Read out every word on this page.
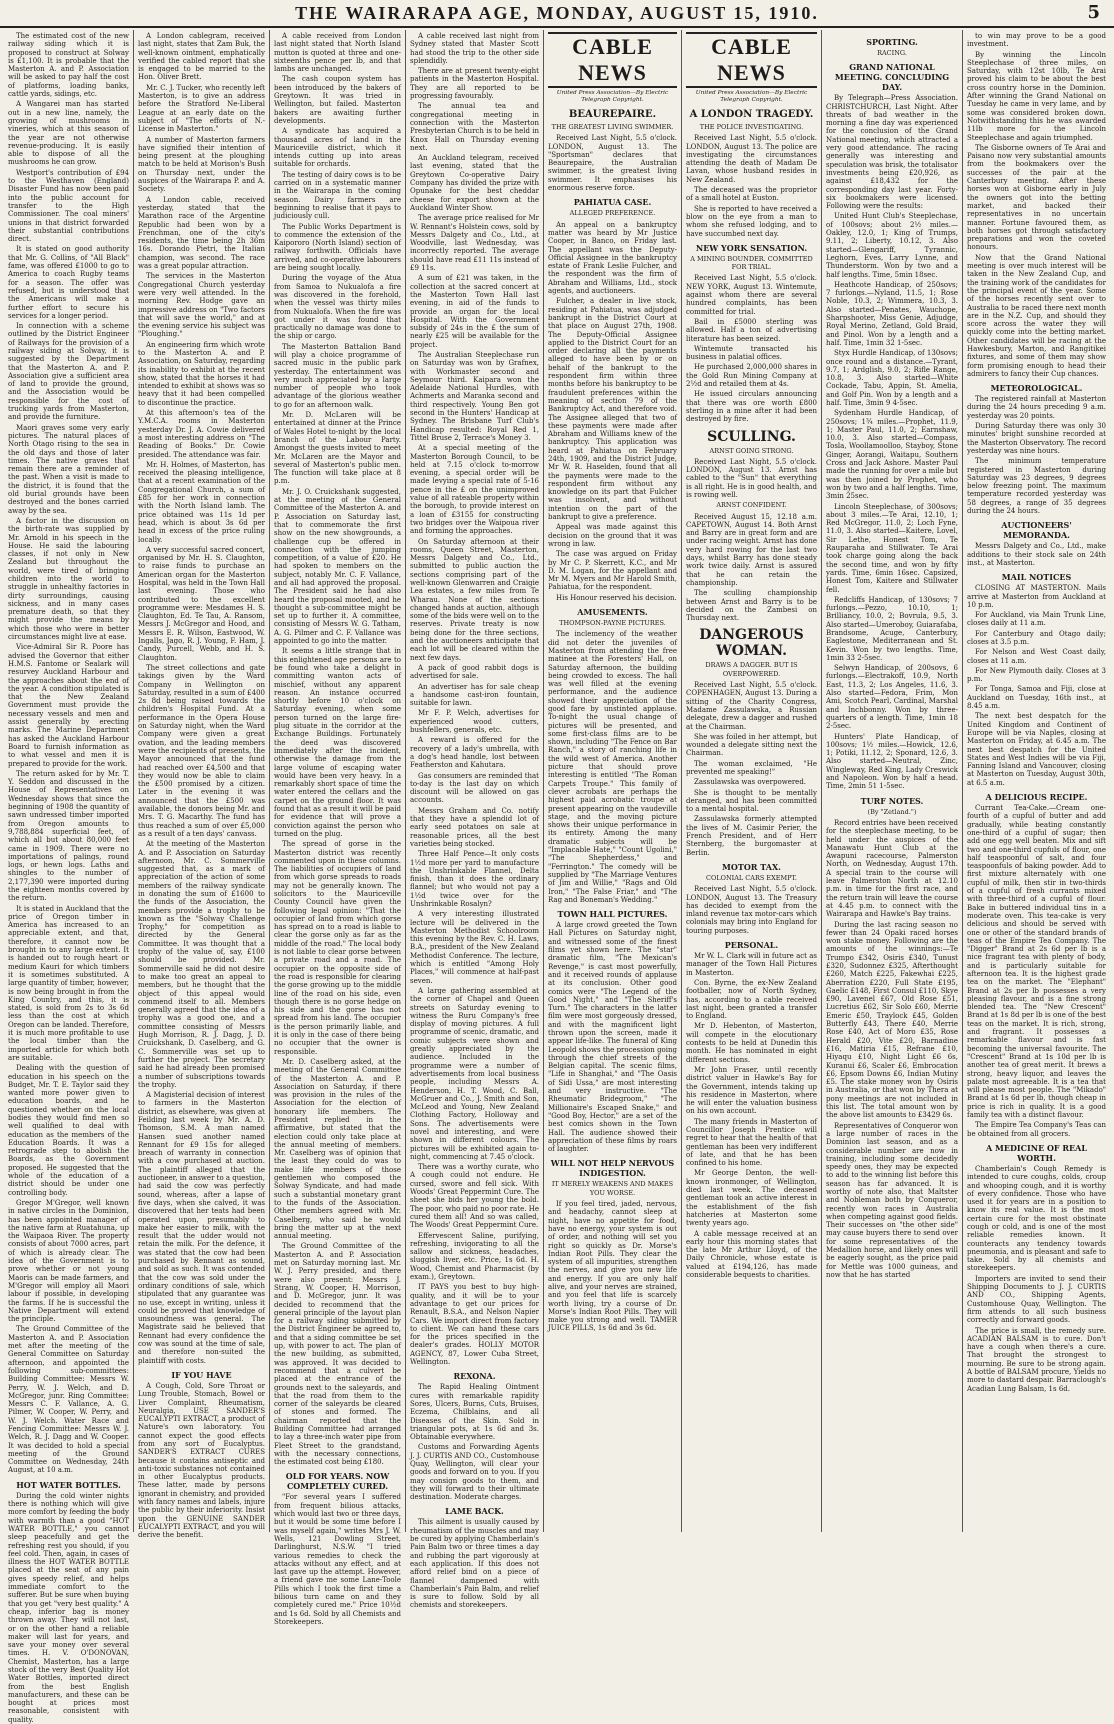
THE WAIRARAPA AGE, MONDAY, AUGUST 15, 1910.	5

The estimated cost of the new railway siding which it is proposed to construct at Solway is £1,100. It is probable that the Masterton A. and P. Association will be asked to pay half the cost of platforms, loading banks, cattle yards, sidings, etc.

A Wangarei man has started out in a new line, namely, the growing of mushrooms in vineries, which at this season of the year are not otherwise revenue-producing. It is easily able to dispose of all the mushrooms he can grow.

Westport's contribution of £94 to the Westhaven (England) Disaster Fund has now been paid into the public account for transfer to the High Commissioner. The coal miners' unions in that district forwarded their substantial contributions direct.

It is stated on good authority that Mr. G. Collins, of "All Black" fame, was offered £1000 to go to America to coach Rugby teams for a season. The offer was refused, but is understood that the Americans will make a further effort to secure his services for a longer period.

In connection with a scheme outlined by the District Engineer of Railways for the provision of a railway siding at Solway, it is suggested by the Department that the Masterton A. and P. Association give a sufficient area of land to provide the ground, and the Association would be responsible for the cost of trucking yards from Masterton, and provide the furniture.

Maori graves some very early pictures. The natural places of North Otago rising to the sea in the old days and those of later times. The native graves that remain there are a reminder of the past. When a visit is made to the district, it is found that the old burial grounds have been destroyed and the bones carried away by the sea.

A factor in the discussion on the birth-rate was supplied by Mr. Arnold in his speech in the House. He said the labouring classes, if not only in New Zealand but throughout the world, were tired of bringing children into the world to struggle in unhealthy factories in dirty surroundings, causing sickness, and in many cases premature death, so that they might provide the means by which those who were in better circumstances might live at ease.

Vice-Admiral Sir R. Poore has advised the Governor that either H.M.S. Fantome or Sealark will resurvey Auckland Harbour and the approaches about the end of the year. A condition stipulated is that the New Zealand Government must provide the necessary vessels and men and assist generally by erecting marks. The Marine Department has asked the Auckland Harbour Board to furnish information as to what vessel and men it is prepared to provide for the work.

The return asked for by Mr. T. Y. Seddon and discussed in the House of Representatives on Wednesday shows that since the beginning of 1908 the quantity of sawn undressed timber imported from Oregon amounts to 9,788,884 superficial feet, of which all but about 80,000 feet came in 1909. There were no importations of palings, round logs, or hewn logs. Laths and shingles to the number of 2,177,390 were imported during the eighteen months covered by the return.

It is stated in Auckland that the price of Oregon timber in America has increased to an appreciable extent, and that, therefore, it cannot now be brought in to any large extent. It is handed out to rough heart or medium Kauri for which timbers it is sometimes substituted. A large quantity of timber, however, is now being brought in from the King Country, and this, it is stated, is sold from 2s to 3s 6d less than the cost at which Oregon can be landed. Therefore, it is much more profitable to use the local timber than the imported article for which both are suitable.

Dealing with the question of education in his speech on the Budget, Mr. T. E. Taylor said they wanted more power given to education boards, and he questioned whether on the local bodies they would find men so well qualified to deal with education as the members of the Education Boards. It was a retrograde step to abolish the Boards, as the Government proposed. He suggested that the whole of the education of a district should be under one controlling body.

Gregor M'Gregor, well known in native circles in the Dominion, has been appointed manager of the native farm at Ruatahuna, up the Waipaoa River. The property consists of about 7000 acres, part of which is already clear. The idea of the Government is to prove whether or not young Maoris can be made farmers, and M'Gregor will employ all Maori labour if possible, in developing the farms. If he is successful the Native Department will extend the principle.

The Ground Committee of the Masterton A. and P. Association met after the meeting of the General Committee on Saturday afternoon, and appointed the following sub-committees: Building Committee: Messrs W. Perry, W. J. Welch, and D. McGregor, junr. Ring Committee: Messrs C. F. Vallance, A. G. Pilmer, W. Cooper, W. Perry, and W. J. Welch. Water Race and Fencing Committee: Messrs W. J. Welch, R. J. Dagg and W. Cooper. It was decided to hold a special meeting of the Ground Committee on Wednesday, 24th August, at 10 a.m.

HOT WATER BOTTLES.

During the cold winter nights there is nothing which will give more comfort by feeding the body with warmth than a good "HOT WATER BOTTLE," you cannot sleep peacefully and get the refreshing rest you should, if you feel cold. Then, again, in cases of illness the HOT WATER BOTTLE placed at the seat of any pain gives speedy relief, and helps immediate comfort to the sufferer. But be sure when buying that you get "very best quality." A cheap, inferior bag is money thrown away. They will not last, or on the other hand a reliable maker will last for years, and save your money over several times. H. V. O'DONOVAN, Chemist, Masterton, has a large stock of the very Best Quality Hot Water Bottles, imported direct from the best English manufacturers, and these can be bought at prices most reasonable, consistent with quality.

A London cablegram, received last night, states that Zam Buk, the well-known ointment, emphatically verified the cabled report that she is engaged to be married to the Hon. Oliver Brett.

Mr. C. J. Tucker, who recently left Masterton, is to give an address before the Stratford Ne-Liberal League at an early date on the subject of "The efforts of N.-License in Masterton."

A number of Masterton farmers have signified their intention of being present at the ploughing match to be held at Morison's Bush on Thursday next, under the auspices of the Wairarapa P. and A. Society.

A London cable, received yesterday, stated that the Marathon race of the Argentine Republic had been won by a Frenchman, one of the city's residents, the time being 2h 36m 16s. Dorando Pietri, the Italian champion, was second. The race was a great popular attraction.

The services in the Masterton Congregational Church yesterday were very well attended. In the morning Rev. Hodge gave an impressive address on "Two factors that will save the world," and at the evening service his subject was "Ploughing."

An engineering firm which wrote to the Masterton A. and P. Association, on Saturday, regarding its inability to exhibit at the recent show, stated that the horses it had intended to exhibit at shows was so heavy that it had been compelled to discontinue the practice.

At this afternoon's tea of the Y.M.C.A. rooms in Masterton yesterday Dr. J. A. Cowie delivered a most interesting address on "The Reading of Books." Dr. Cowie presided. The attendance was fair.

Mr. H. Holmes, of Masterton, has received the pleasing intelligence, that at a recent examination of the Congregational Church, a sum of £85 for her work in connection with the North Island lamb. The price obtained was 11s 1d per head, which is about 3s 6d per head in excess of the price ruling locally.

A very successful sacred concert, organised by Mr. H. S. Claughton, to raise funds to purchase an American organ for the Masterton Hospital, was held in the Town Hall last evening. Those who contributed to the excellent programme were: Mesdames H. S. Claughton, Ed. Te Tau, A. Ransom, Messrs J. McGregor and Hood, and Messrs E. R. Wilson, Eastwood, W. Ingalls, Jago, R. J. Young, F. Ham, J. Candy, Purcell, Webb, and H. S. Claughton.

The street collections and gate takings given by the Ward Company in Wellington on Saturday, resulted in a sum of £400 2s 8d being raised towards the children's Hospital Fund. At a performance in the Opera House on Saturday night, when the Ward Company were given a great ovation, and the leading members were the recipients of presents, the Mayor announced that the fund had reached over £4,500 and that they would now be able to claim the £500 promised by a citizen. Later in the evening it was announced that the £500 was available, the donors being Mr. and Mrs. T. G. Macarthy. The fund has thus reached a sum of over £5,000 as a result of a ten days' canvass.

At the meeting of the Masterton A. and P. Association on Saturday afternoon, Mr. C. Sommerville suggested that, as a mark of appreciation of the action of some members of the railway syndicate in donating the sum of £1600 to the funds of the Association, the members provide a trophy to be known as the "Solway Challenge Trophy," for competition as directed by the General Committee. It was thought that a trophy of the value of, say, £100 should be provided. Mr. Sommerville said he did not desire to make too great an appeal to members, but he thought that the object of this appeal would commend itself to all. Members generally agreed that the idea of a trophy was a good one, and a committee consisting of Messrs Hugh Morrison, R. J. Dagg, J. D. Cruickshank, D. Caselberg, and G. C. Sommerville was set up to further the project. The secretary said he had already been promised a number of subscriptions towards the trophy.

A Magisterial decision of interest to farmers in the Masterton district, as elsewhere, was given at Feilding last week by Mr. A. D. Thomson, S.M. A man named Hansen sued another named Rennant for £9 15s for alleged breach of warranty in connection with a cow purchased at auction. The plaintiff alleged that the auctioneer, in answer to a question, had said the cow was perfectly sound, whereas, after a lapse of five days, when she calved, it was discovered that her teats had been operated upon, presumably to make her easier to milk, with the result that the udder would not retain the milk. For the defence, it was stated that the cow had been purchased by Rennant as sound, and sold as such. It was contended that the cow was sold under the ordinary conditions of sale, which stipulated that any guarantee was no use, except in writing, unless it could be proved that knowledge of unsoundness was general. The Magistrate said he believed that Rennant had every confidence the cow was sound at the time of sale, and therefore non-suited the plaintiff with costs.

IF YOU HAVE

A Cough, Cold, Sore Throat or Lung Trouble, Stomach, Bowel or Liver Complaint, Rheumatism, Neuralgia, USE SANDER'S EUCALYPTI EXTRACT, a product of Nature's own laboratory. You cannot expect the good effects from any sort of Eucalyptus. SANDER'S EXTRACT CURES because it contains antiseptic and anti-toxic substances not contained in other Eucalyptus products. These latter, made by persons ignorant in chemistry, and provided with fancy names and labels, injure the public by their inferiority. Insist upon the GENUINE SANDER EUCALYPTI EXTRACT, and you will derive the benefit.

A cable received from London last night stated that North Island mutton is quoted at three and one-sixteenths pence per lb, and that lambs are unchanged.

The cash coupon system has been introduced by the bakers of Greytown. It was tried in Wellington, but failed. Masterton bakers are awaiting further developments.

A syndicate has acquired a thousand acres of land in the Mauriceville district, which it intends cutting up into areas suitable for orchards.

The testing of dairy cows is to be carried on in a systematic manner in the Wairarapa in the coming season. Dairy farmers are beginning to realise that it pays to judiciously cull.

The Public Works Department is to commence the extension of the Kaipororo (North Island) section of railway forthwith. Officials have arrived, and co-operative labourers are being sought locally.

During the voyage of the Atua from Samoa to Nukualofa a fire was discovered in the forehold, when the vessel was thirty miles from Nukualofa. When the fire was got under it was found that practically no damage was done to the ship or cargo.

The Masterton Battalion Band will play a choice programme of sacred music in the public park yesterday. The entertainment was very much appreciated by a large number of people who took advantage of the glorious weather to go for an afternoon walk.

Mr. D. McLaren will be entertained at dinner at the Prince of Wales Hotel to-night by the local branch of the Labour Party. Amongst the guests invited to meet Mr. McLaren are the Mayor and several of Masterton's public men. The function will take place at 8 p.m.

Mr. J. O. Cruickshank suggested, at the meeting of the General Committee of the Masterton A. and P. Association on Saturday last, that to commemorate the first show on the new showgrounds, a challenge cup be offered in connection with the jumping competition, of a value of £20. He had spoken to members on the subject, notably Mr. C. F. Vallance, and all had approved the proposal. The President said he had also heard the proposal mooted, and he thought a sub-committee might be set up to further it. A committee, consisting of Messrs W. G. Tatham, A. G. Pilmer and C. F. Vallance was appointed to go into the matter.

It seems a little strange that in this enlightened age persons are to be found who take a delight in committing wanton acts of mischief, without any apparent reason. An instance occurred shortly before 10 o'clock on Saturday evening, when some person turned on the large fire-plug situate in the corridor at the Exchange Buildings. Fortunately the deed was discovered immediately after the incident, otherwise the damage from the large volume of escaping water would have been very heavy. In a remarkably short space of time the water entered the cellars and the carpet on the ground floor. It was found that as a result it will be paid for evidence that will prove a conviction against the person who turned on the plug.

The spread of gorse in the Masterton district was recently commented upon in these columns. The liabilities of occupiers of land from which gorse spreads to roads may not be generally known. The solicitors to the Mauriceville County Council have given the following legal opinion: "That the occupier of land from which gorse has spread on to a road is liable to clear the gorse only as far as the middle of the road." The local body is not liable to clear gorse between a private road and a road. The occupier on the opposite side of the road is responsible for clearing the gorse growing up to the middle line of the road on his side, even though there is no gorse hedge on his side and the gorse has not spread from his land. The occupier is the person primarily liable, and it is only in the case of there being no occupier that the owner is responsible.

Mr. D. Caselberg asked, at the meeting of the General Committee of the Masterton A. and P. Association on Saturday, if there was provision in the rules of the Association for the election of honorary life members. The President replied in the affirmative, but stated that the election could only take place at the annual meeting of members. Mr. Caselberg was of opinion that the least they could do was to make life members of those gentlemen who composed the Solway Syndicate, and had made such a substantial monetary grant to the funds of the Association. Other members agreed with Mr. Caselberg, who said he would bring the matter up at the next annual meeting.

The Ground Committee of the Masterton A. and P. Association met on Saturday morning last. Mr. W. J. Perry presided, and there were also present: Messrs J. Strang, W. Cooper, H. Morrison, and D. McGregor, junr. It was decided to recommend that the general principle of the layout plan for a railway siding submitted by the District Engineer be agreed to, and that a siding committee be set up, with power to act. The plan of the new building, as submitted, was approved. It was decided to recommend that a culvert be placed at the entrance of the grounds next to the saleyards, and that the road from them to the corner of the saleyards be cleared of stones and formed. The chairman reported that the Building Committee had arranged to lay a three-inch water pipe from Fleet Street to the grandstand, with the necessary connections, the estimated cost being £180.

OLD FOR YEARS. NOW COMPLETELY CURED.

"For several years I suffered from frequent bilious attacks, which would last two or three days, but it would be some time before I was myself again," writes Mrs J. W. Wells, 121 Dowling Street, Darlinghurst, N.S.W. "I tried various remedies to check the attacks without any effect, and at last gave up the attempt. However, a friend gave me some Lane-Toole Pills which I took the first time a bilious turn came on and they completely cured me." Price 10½d and 1s 6d. Sold by all Chemists and Storekeepers.

A cable received last night from Sydney stated that Master Scott had stood the trip to the other side splendidly.

There are at present twenty-eight patients in the Masterton Hospital. They are all reported to be progressing favourably.

The annual tea and congregational meeting in connection with the Masterton Presbyterian Church is to be held in Knox Hall on Thursday evening next.

An Auckland telegram, received last evening, stated that the Greytown Co-operative Dairy Company has divided the prize with Opunake for the best cheddar cheese for export shown at the Auckland Winter Show.

The average price realised for Mr W. Rennant's Holstein cows, sold by Messrs Dalgety and Co., Ltd., at Woodville, last Wednesday, was incorrectly reported. The average should have read £11 11s instead of £9 11s.

A sum of £21 was taken, in the collection at the sacred concert at the Masterton Town Hall last evening, in aid of the funds to provide an organ for the local Hospital. With the Government subsidy of 24s in the £ the sum of nearly £25 will be available for the project.

The Australian Steeplechase run on Saturday was won by Grafnex, with Workmaster second and Seymour third. Kaipara won the Adelaide National Hurdles, with Achmerts and Maranka second and third respectively. Young Ben got second in the Hunters' Handicap at Sydney. The Brisbane Turf Club's Handicap resulted: Royal Red 1, Tittel Bruse 2, Terrace's Money 3.

At a special meeting of the Masterton Borough Council, to be held at 7.15 o'clock to-morrow evening, a special order will be made levying a special rate of 5-16 pence in the £ on the unimproved value of all rateable property within the borough, to provide interest on a loan of £3155 for constructing two bridges over the Waipoua river and forming the approaches.

On Saturday afternoon at their rooms, Queen Street, Masterton, Messrs Dalgety and Co., Ltd., submitted to public auction the sections comprising part of the well-known Glenwarren and Craigie Lea estates, a few miles from Te Wharau. None of the sections changed hands at auction, although some of the bids were well on to the reserves. Private treaty is now being done for the three sections, and the auctioneers anticipate that each lot will be cleared within the next few days.

A pack of good rabbit dogs is advertised for sale.

An advertiser has for sale cheap a handsome cast-iron fountain, suitable for lawn.

Mr F. P. Welch, advertises for experienced wood cutters, bushfellers, generals, etc.

A reward is offered for the recovery of a lady's umbrella, with a dog's head handle, lost between Featherston and Kahutara.

Gas consumers are reminded that to-day is the last day on which discount will be allowed on gas accounts.

Messrs Graham and Co. notify that they have a splendid lot of early seed potatoes on sale at reasonable prices, all the best varieties being stocked.

Three Half Pence—It only costs 1½d more per yard to manufacture the Unshrinkable Flannel, Delta finish, than it does the ordinary flannel; but who would not pay a 1½d twice over for the Unshrinkable Rosalyn?

A very interesting illustrated lecture will be delivered in the Masterton Methodist Schoolroom this evening by the Rev. C. H. Laws, B.A., president of the New Zealand Methodist Conference. The lecture, which is entitled "Among Holy Places," will commence at half-past seven.

A large gathering assembled at the corner of Chapel and Queen streets on Saturday evening to witness the Ruru Company's free display of moving pictures. A full programme of scenic, dramatic, and comic subjects were shown and greatly appreciated by the audience. Included in the programme were a number of advertisements from local business people, including Messrs A. Henderson, H. T. Wood, C. Ball, McGruer and Co., J. Smith and Son, McLeod and Young, New Zealand Clothing Factory, Holloway and Sons. The advertisements were novel and interesting, and were shown in different colours. The pictures will be exhibited again to-night, commencing at 7.45 o'clock.

There was a worthy curate, who A cough could not endure. He cursed, swore and fell sick. With Woods' Great Peppermint Cure. The sheet she bids her young the bold. The poor, who paid no poor rate. He cured them all! And so was called, The Woods' Great Peppermint Cure.

Effervescent Saline, purifying, refreshing, invigorating to all the sallow and sickness, headaches, sluggish liver, etc. Price, 1s 6d. H. Wood, Chemist and Pharmacist (by exam.), Greytown.

IT PAYS you best to buy high-quality, and it will be to your advantage to get our prices for Renault, B.S.A., and Nelson Napier Cars. We import direct from factory to client. We can hand these cars for the prices specified in the dealer's grades. HOLLY MOTOR AGENCY, 87, Lower Cuba Street, Wellington.

REXONA.

The Rapid Healing Ointment cures with remarkable rapidity Sores, Ulcers, Burns, Cuts, Bruises, Eczema, Chilblains, and all Diseases of the Skin. Sold in triangular pots, at 1s 6d and 3s. Obtainable everywhere.

Customs and Forwarding Agents J. J. CURTIS AND CO., Customhouse Quay, Wellington, will clear your goods and forward on to you. If you may consign goods to them, and they will forward to their ultimate destination. Moderate charges.

LAME BACK.

This ailment is usually caused by rheumatism of the muscles and may be cured by applying Chamberlain's Pain Balm two or three times a day and rubbing the part vigorously at each application. If this does not afford relief bind on a piece of flannel dampened with Chamberlain's Pain Balm, and relief is sure to follow. Sold by all chemists and storekeepers.

CABLE NEWS
United Press Association—By Electric Telegraph Copyright.
BEAUREPAIRE.
THE GREATEST LIVING SWIMMER.

Received Last Night, 5.5 o'clock. LONDON, August 13. The "Sportsman" declares that Beaurepaire, the Australian swimmer, is the greatest living swimmer. It emphasises his enormous reserve force.

PAHIATUA CASE.
ALLEGED PREFERENCE.

An appeal on a bankruptcy matter was heard by Mr Justice Cooper, in Banco, on Friday last. The appellant was the Deputy-Official Assignee in the bankruptcy estate of Frank Leslie Fulcher, and the respondent was the firm of Abraham and Williams, Ltd., stock agents, and auctioneers.

Fulcher, a dealer in live stock, residing at Pahiatua, was adjudged bankrupt in the District Court at that place on August 27th, 1908. The Deputy-Official Assignee applied to the District Court for an order declaring all the payments alleged to have been by or on behalf of the bankrupt to the respondent firm within three months before his bankruptcy to be fraudulent preferences within the meaning of section 79 of the Bankruptcy Act, and therefore void. The Assignee alleged that two of these payments were made after Abraham and Williams knew of the bankruptcy. This application was heard at Pahiatua on February 24th, 1909, and the District Judge, Mr W. R. Haselden, found that all the payments were made to the respondent firm without any knowledge on its part that Fulcher was insolvent, and without intention on the part of the bankrupt to give a preference.

Appeal was made against this decision on the ground that it was wrong in law.

The case was argued on Friday by Mr C. P. Skerrett, K.C., and Mr D. M. Logan, for the appellant and Mr M. Myers and Mr Harold Smith, Pahiatua, for the respondent.

His Honour reserved his decision.

AMUSEMENTS.
THOMPSON-PAYNE PICTURES.

The inclemency of the weather did not deter the juveniles of Masterton from attending the free matinee at the Foresters' Hall, on Saturday afternoon, the building being crowded to excess. The hall was well filled at the evening performance, and the audience showed their appreciation of the good fare by unstinted applause. To-night the usual change of pictures will be presented, and some first-class films are to be shown, including "The Fence on Bar Ranch," a story of ranching life in the wild west of America. Another picture that should prove interesting is entitled "The Roman Carpets Troupe." This family of clever acrobats are perhaps the highest paid acrobatic troupe at present appearing on the vaudeville stage, and the moving picture shows their unique performance in its entirety. Among the many dramatic subjects will be "Implacable Hate," "Count Ugolini," "The Shepherdess," and "Ferrington." The comedy will be supplied by "The Marriage Ventures of Jim and Willie," "Rags and Old Iron," "The False Friar," and "The Rag and Boneman's Wedding."

TOWN HALL PICTURES.

A large crowd greeted the Town Hall Pictures on Saturday night, and witnessed some of the finest films yet shown here. The "star" dramatic film, "The Mexican's Revenge," is cast most powerfully, and it received rounds of applause at its conclusion. Other good comics were "The Legend of the Good Night," and "The Sheriff's Turn." The characters in the latter film were most gorgeously dressed, and with the magnificent light thrown upon the screen, made it appear life-like. The funeral of King Leopold shows the procession going through the chief streets of the Belgian capital. The scenic films, "Life in Shanghai," and "The Oasis of Sidi Ussa," are most interesting and very instructive. "The Rheumatic Bridegroom," "The Millionaire's Escaped Snake," and "Good Boy, Hector," are a set of the best comics shown in the Town Hall. The audience showed their appreciation of these films by roars of laughter.

WILL NOT HELP NERVOUS INDIGESTION.
IT MERELY WEAKENS AND MAKES YOU WORSE.

If you feel tired, jaded, nervous, and headachy, cannot sleep at night, have no appetite for food, have no energy, your system is out of order, and nothing will set you right so quickly as Dr. Morse's Indian Root Pills. They clear the system of all impurities, strengthen the nerves, and give you new life and energy. If you are only half alive, and your nerves are strained, and you feel that life is scarcely worth living, try a course of Dr. Morse's Indian Root Pills. They will make you strong and well. TAMER JUICE PILLS, 1s 6d and 3s 6d.

CABLE NEWS
United Press Association—By Electric Telegraph Copyright.
A LONDON TRAGEDY.
THE POLICE INVESTIGATING.

Received Last Night, 5.5 o'clock. LONDON, August 13. The police are investigating the circumstances attending the death of Madam De Lavan, whose husband resides in New Zealand.

The deceased was the proprietor of a small hotel at Euston.

She is reported to have received a blow on the eye from a man to whom she refused lodging, and to have succumbed next day.

NEW YORK SENSATION.
A MINING BOUNDER. COMMITTED FOR TRIAL.

Received Last Night, 5.5 o'clock. NEW YORK, August 13. Wintemute, against whom there are several hundred complaints, has been committed for trial.

Bail in £5000 sterling was allowed. Half a ton of advertising literature has been seized.

Wintemute transacted his business in palatial offices.

He purchased 2,000,000 shares in the Gold Run Mining Company at 2½d and retailed them at 4s.

He issued circulars announcing that there was ore worth £800 sterling in a mine after it had been destroyed by fire.

SCULLING.
ARNST GOING STRONG.

Received Last Night, 5.5 o'clock. LONDON, August 13. Arnst has cabled to the "Sun" that everything is all right. He is in good health, and is rowing well.

ARNST CONFIDENT.

Received August 15, 12.18 a.m. CAPETOWN, August 14. Both Arnst and Barry are in great form and are under racing weight. Arnst has done very hard rowing for the last two days, whilst Barry has done steady work twice daily. Arnst is assured that he can retain the championship.

The sculling championship between Arnst and Barry is to be decided on the Zambesi on Thursday next.

DANGEROUS WOMAN.
DRAWS A DAGGER. BUT IS OVERPOWERED.

Received Last Night, 5.5 o'clock. COPENHAGEN, August 13. During a sitting of the Charity Congress, Madame Zassulawska, a Russian delegate, drew a dagger and rushed at the Chairman.

She was foiled in her attempt, but wounded a delegate sitting next the Chairman.

The woman exclaimed, "He prevented me speaking!"

Zassulawska was overpowered.

She is thought to be mentally deranged, and has been committed to a mental hospital.

Zassulawska formerly attempted the lives of M. Casimir Perier, the French President, and of Herr Sternberg, the burgomaster at Berlin.

MOTOR TAX.
COLONIAL CARS EXEMPT.

Received Last Night, 5.5 o'clock. LONDON, August 13. The Treasury has decided to exempt from the inland revenue tax motor-cars which colonials may bring into England for touring purposes.

PERSONAL.

Mr W. L. Clark will in future act as manager of the Town Hall Pictures in Masterton.

Con. Byrne, the ex-New Zealand footballer, now of North Sydney, has, according to a cable received last night, been granted a transfer to England.

Mr D. Hebenton, of Masterton, will compete in the elocutionary contests to be held at Dunedin this month. He has nominated in eight different sections.

Mr John Fraser, until recently district valuer in Hawke's Bay for the Government, intends taking up his residence in Masterton, where he will enter the valuation business on his own account.

The many friends in Masterton of Councillor Joseph Prentice will regret to hear that the health of that gentleman has been very indifferent of late, and that he has been confined to his home.

Mr George Denton, the well-known ironmonger, of Wellington, died last week. The deceased gentleman took an active interest in the establishment of the fish hatcheries at Masterton some twenty years ago.

A cable message received at an early hour this morning states that the late Mr Arthur Lloyd, of the Daily Chronicle, whose estate is valued at £194,126, has made considerable bequests to charities.

SPORTING.
RACING.
GRAND NATIONAL MEETING. CONCLUDING DAY.

By Telegraph—Press Association. CHRISTCHURCH, Last Night. After threats of bad weather in the morning a fine day was experienced for the conclusion of the Grand National meeting, which attracted a very good attendance. The racing generally was interesting and speculation was brisk, the totalisator investments being £20,926, as against £18,432 for the corresponding day last year. Forty-six bookmakers were licensed. Following were the results:

United Hunt Club's Steeplechase, of 100sovs; about 2½ miles.—Oakley, 12.0, 1; King of Trumps, 9.11, 2; Liberty, 10.12, 3. Also started—Glengariff, Tyrannic, Leghorn, Eves, Larry Lynne, and Thunderstorm. Won by two and a half lengths. Time, 5min 18sec.

Heathcote Handicap, of 250sovs; 7 furlongs.—Nyland, 11.5, 1; Rose Noble, 10.3, 2; Wimmera, 10.3, 3. Also started—Penates, Wauchope, Sharpshooter, Miss Genie, Adjudge, Royal Merino, Zetland, Gold Braid, and Pinol. Won by a length and a half. Time, 1min 32 1-5sec.

Styx Hurdle Handicap, of 130sovs; once round and a distance.—Tyrant, 9.7, 1; Ardglish, 9.0, 2; Rifle Range, 10.8, 3. Also started—White Cockade, Tabu, Appin, St. Amelia, and Golf Pin. Won by a length and a half. Time, 3min 9 4-5sec.

Sydenham Hurdle Handicap, of 250sovs; 1¾ miles.—Prophet, 11.9, 1; Master Paul, 11.0, 2; Earnshaw, 10.0, 3. Also started—Compass, Tosla, Woollamoolloo, Stayboy, Stone Ginger, Aorangi, Waitapu, Southern Cross and Jack Ashore. Master Paul made the running for over a mile but was then joined by Prophet, who won by two and a half lengths. Time, 3min 25sec.

Lincoln Steeplechase, of 300sovs; about 3 miles.—Te Arai, 12.10, 1; Red McGregor, 11.0, 2; Loch Fyne, 11.0, 3. Also started—Kaitere, Lovel, Sir Lethe, Honest Tom, Te Rauparaha and Stillwater. Te Arai took charge going along the back the second time, and won by fifty yards. Time, 6min 16sec. Capsized, Honest Tom, Kaitere and Stillwater fell.

Redcliffs Handicap, of 130sovs; 7 furlongs.—Pezzo, 10.10, 1; Brilliancy, 10.0, 2; Bovrula, 9.5, 3. Also started—Umeroboy, Guiarafaba, Brandsome, Acuge, Canterbury, Eaglestone, Mediterranean and St. Kevin. Won by two lengths. Time, 1min 33 2-5sec.

Selwyn Handicap, of 200sovs, 6 furlongs.—Electrakoff, 10.9, North East, 11.3, 2; Los Angeles, 11.6, 3. Also started—Fedora, Frim, Mon Ami, Scotch Pearl, Cardinal, Marshal and Inchbonny. Won by three-quarters of a length. Time, 1min 18 2-5sec.

Hunters' Plate Handicap, of 100sovs; 1½ miles.—Howick, 12.6, 1; Potiki, 11.12, 2; Sponard, 12.6, 3. Also started—Neutral, Zinc, Wingleway, Red King, Lady Creswick and Napoleon. Won by half a head. Time, 2min 51 1-5sec.

TURF NOTES.
(By "Zetland.")

Record entries have been received for the steeplechase meeting, to be held under the auspices of the Manawatu Hunt Club at the Awapuni racecourse, Palmerston North, on Wednesday, August 17th. A special train to the course will leave Palmerston North at 12.10 p.m. in time for the first race, and the return train will leave the course at 4.45 p.m. to connect with the Wairarapa and Hawke's Bay trains.

During the last racing season no fewer than 24 Opaki raced horses won stake money. Following are the amounts of the winnings:—Te Trumpo £342, Osiris £340, Tunust £320, Sudonnez £325, Afterthought £260, Match £225, Fakewhai £225, Aberration £220, Full State £195, Gaelic £148, First Consul £110, Skye £90, Lavenel £67, Old Rose £51, Lucretius £62, Sir Solo £60, Merrie Emeric £50, Traylock £45, Golden Butterfly £43, There £40, Merrie Rose £40, Act of Moro £35, Rose Herald £20, Vite £20, Barnadine £16, Matiria £15, Refrane £10, Hiyaqu £10, Night Light £6 6s, Kuranui £6, Scaler £6, Embrocation £6, Epsom Downs £6, Indian Mutiny £5. The stake money won by Osiris in Australia, or that won by Thera at pony meetings are not included in this list. The total amount won by the above list amounts to £3429 6s.

Representatives of Conqueror won a large number of races in the Dominion last season, and as a considerable number are now in training, including some decidedly speedy ones, they may be expected to add to the winning list before this season has far advanced. It is worthy of note also, that Maltster and Nobleman both by Conqueror, recently won races in Australia when competing against good fields. Their successes on "the other side" may cause buyers there to send over for some representatives of the Medallion horse, and likely ones will be eagerly sought, as the price paid for Mettle was 1000 guineas, and now that he has started

to win may prove to be a good investment.

By winning the Lincoln Steeplechase of three miles, on Saturday, with 12st 10lb, Te Arai proved his claim to be about the best cross country horse in the Dominion. After winning the Grand National on Tuesday he came in very lame, and by some was considered broken down. Notwithstanding this he was awarded 11lb more for the Lincoln Steeplechase and again triumphed.

The Gisborne owners of Te Arai and Paisano now very substantial amounts from the bookmakers over the successes of the pair at the Canterbury meeting. After these horses won at Gisborne early in July the owners got into the betting market, and backed their representatives in no uncertain manner. Fortune favoured them, as both horses got through satisfactory preparations and won the coveted honours.

Now that the Grand National meeting is over much interest will be taken in the New Zealand Cup, and the training work of the candidates for the principal event of the year. Some of the horses recently sent over to Australia to be raced there next month are in the N.Z. Cup, and should they score across the water they will quickly come into the betting market. Other candidates will be racing at the Hawkesbury, Marton, and Rangitikei fixtures, and some of them may show form promising enough to head their admirers to fancy their Cup chances.

METEOROLOGICAL.

The registered rainfall at Masterton during the 24 hours preceding 9 a.m. yesterday was 20 points.

During Saturday there was only 30 minutes' bright sunshine recorded at the Masterton Observatory. The record yesterday was nine hours.

The minimum temperature registered in Masterton during Saturday was 23 degrees, 9 degrees below freezing point. The maximum temperature recorded yesterday was 58 degrees, a range of 35 degrees during the 24 hours.

AUCTIONEERS' MEMORANDA.

Messrs Dalgety and Co., Ltd., make additions to their stock sale on 24th inst., at Masterton.

MAIL NOTICES

CLOSING AT MASTERTON. Mails arrive at Masterton from Auckland at 10 p.m.

For Auckland, via Main Trunk Line, closes daily at 11 a.m.

For Canterbury and Otago daily; closes at 3.5 p.m.

For Nelson and West Coast daily, closes at 11 a.m.

For New Plymouth daily. Closes at 3 p.m.

For Tonga, Samoa and Fiji, close at Auckland on Tuesday, 16th inst., at 8.45 a.m.

The next best despatch for the United Kingdom and Continent of Europe will be via Naples, closing at Masterton on Friday, at 6.45 a.m. The next best despatch for the United States and West Indies will be via Fiji, Fanning Island and Vancouver, closing at Masterton on Tuesday, August 30th, at 6.5 a.m.

A DELICIOUS RECIPE.

Currant Tea-Cake.—Cream one-fourth of a cupful of butter and add gradually, while beating constantly one-third of a cupful of sugar; then add one egg well beaten. Mix and sift two and one-third cupfuls of flour, one half teaspoonful of salt, and four teaspoonfuls of baking powder. Add to first mixture alternately with one cupful of milk, then stir in two-thirds of a cupful of fresh currants mixed with three-third of a cupful of flour. Bake in buttered individual tins in a moderate oven. This tea-cake is very delicious and should be served with one or other of the standard brands of teas of the Empire Tea Company. The "Digger" Brand at 2s 6d per lb is a nice fragrant tea with plenty of body, and is particularly suitable for afternoon tea. It is the highest grade tea on the market. The "Elephant" Brand at 2s per lb possesses a very pleasing flavour, and is a fine strong blended tea. The "New Crescent" Brand at 1s 8d per lb is one of the best teas on the market. It is rich, strong, and fragrant. It possesses a remarkable flavour and is fast becoming the universal favourite. The "Crescent" Brand at 1s 10d per lb is another tea of great merit. It brews a strong, heavy liquor, and leaves the palate most agreeable. It is a tea that will please most people. The "Mikado" Brand at 1s 6d per lb, though cheap in price is rich in quality. It is a good family tea with a distinct flavour.

The Empire Tea Company's Teas can be obtained from all grocers.

A MEDICINE OF REAL WORTH.

Chamberlain's Cough Remedy is intended to cure coughs, colds, croup and whooping cough, and it is worthy of every confidence. Those who have used it for years are in a position to know its real value. It is the most certain cure for the most obstinate cough or cold, and is one of the most reliable remedies known. It counteracts any tendency towards pneumonia, and is pleasant and safe to take. Sold by all chemists and storekeepers.

Importers are invited to send their Shipping Documents to J. J. CURTIS AND CO., Shipping Agents, Customhouse Quay, Wellington. The firm attends to all such business correctly and forward goods.

The price is small, the remedy sure. ACADIAN BALSAM is to cure. Don't have a cough when there's a cure. That brought the strongest to mourning. Be sure to be strong again. A bottle of BALSAM procure, Yields no more to dastard despair. Barraclough's Acadian Lung Balsam, 1s 6d.
